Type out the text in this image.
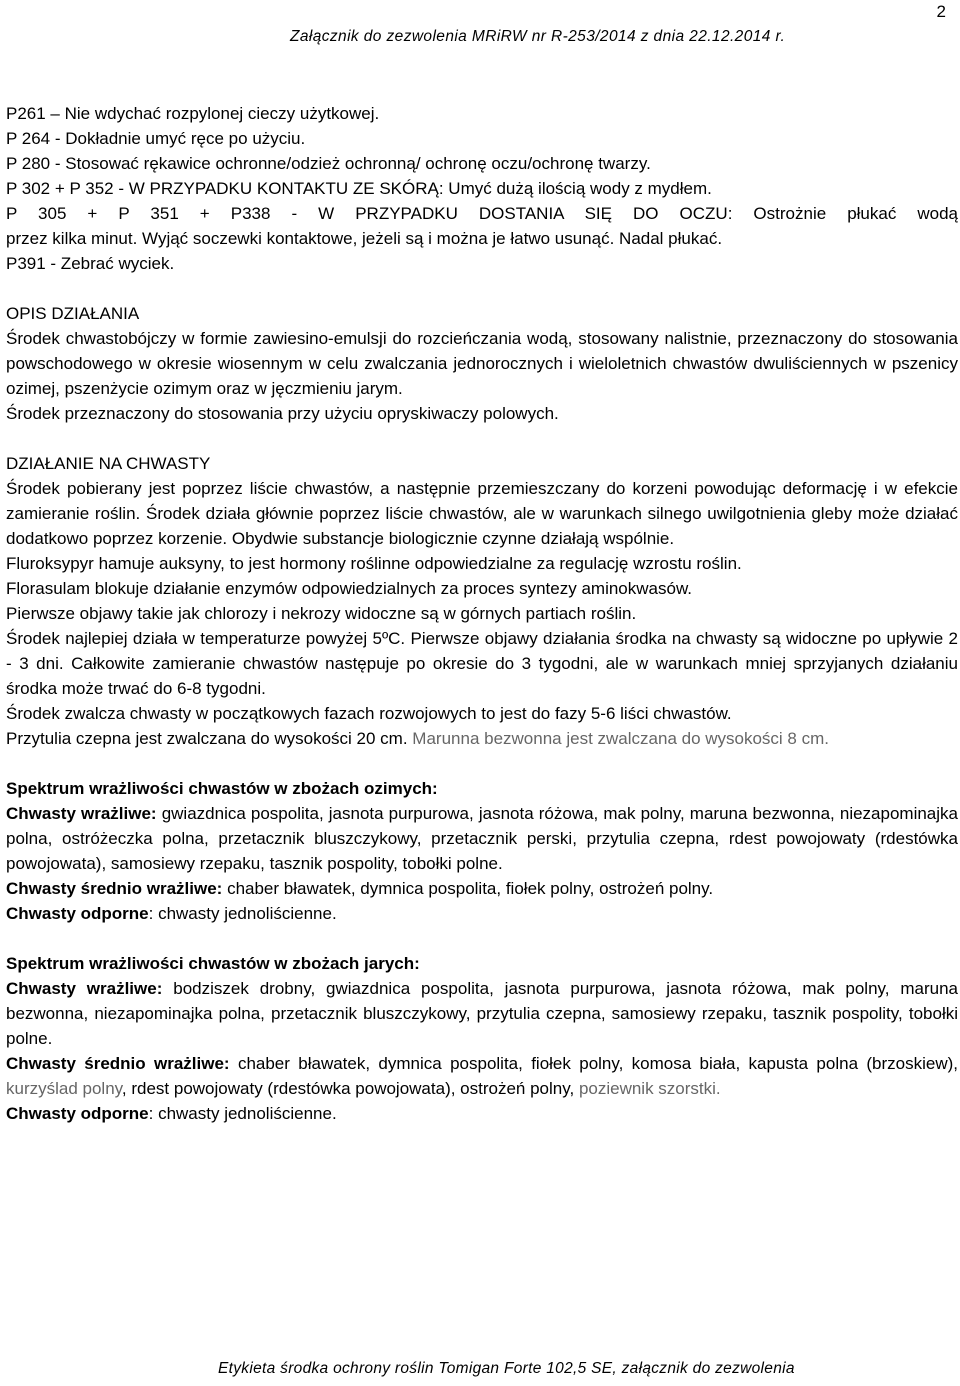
2
Załącznik do zezwolenia MRiRW nr R-253/2014 z dnia 22.12.2014 r.

P261 – Nie wdychać rozpylonej cieczy użytkowej.

P 264 - Dokładnie umyć ręce po użyciu.

P 280 - Stosować rękawice ochronne/odzież ochronną/ ochronę oczu/ochronę twarzy.

P 302 + P 352 - W PRZYPADKU KONTAKTU ZE SKÓRĄ: Umyć dużą ilością wody z mydłem.

P 305 + P 351 + P338 - W PRZYPADKU DOSTANIA SIĘ DO OCZU: Ostrożnie płukać wodą

przez kilka minut. Wyjąć soczewki kontaktowe, jeżeli są i można je łatwo usunąć. Nadal płukać.

P391 - Zebrać wyciek.

OPIS DZIAŁANIA

Środek chwastobójczy w formie zawiesino-emulsji do rozcieńczania wodą, stosowany nalistnie, przeznaczony do stosowania powschodowego w okresie wiosennym w celu zwalczania jednorocznych i wieloletnich chwastów dwuliściennych w pszenicy ozimej, pszenżycie ozimym oraz w jęczmieniu jarym.

Środek przeznaczony do stosowania przy użyciu opryskiwaczy polowych.

DZIAŁANIE NA CHWASTY

Środek pobierany jest poprzez liście chwastów, a następnie przemieszczany do korzeni powodując deformację i w efekcie zamieranie roślin. Środek działa głównie poprzez liście chwastów, ale w warunkach silnego uwilgotnienia gleby może działać dodatkowo poprzez korzenie. Obydwie substancje biologicznie czynne działają wspólnie.

Fluroksypyr hamuje auksyny, to jest hormony roślinne odpowiedzialne za regulację wzrostu roślin.

Florasulam blokuje działanie enzymów odpowiedzialnych za proces syntezy aminokwasów.

Pierwsze objawy takie jak chlorozy i nekrozy widoczne są w górnych partiach roślin.

Środek najlepiej działa w temperaturze powyżej 5ºC. Pierwsze objawy działania środka na chwasty są widoczne po upływie 2 - 3 dni. Całkowite zamieranie chwastów następuje po okresie do 3 tygodni, ale w warunkach mniej sprzyjanych działaniu środka może trwać do 6-8 tygodni.

Środek zwalcza chwasty w początkowych fazach rozwojowych to jest do fazy 5-6 liści chwastów.

Przytulia czepna jest zwalczana do wysokości 20 cm. Marunna bezwonna jest zwalczana do wysokości 8 cm.

Spektrum wrażliwości chwastów w zbożach ozimych:

Chwasty wrażliwe: gwiazdnica pospolita, jasnota purpurowa, jasnota różowa, mak polny, maruna bezwonna, niezapominajka polna, ostróżeczka polna, przetacznik bluszczykowy, przetacznik perski, przytulia czepna, rdest powojowaty (rdestówka powojowata), samosiewy rzepaku, tasznik pospolity, tobołki polne.

Chwasty średnio wrażliwe: chaber bławatek, dymnica pospolita, fiołek polny, ostrożeń polny.

Chwasty odporne: chwasty jednoliścienne.

Spektrum wrażliwości chwastów w zbożach jarych:

Chwasty wrażliwe: bodziszek drobny, gwiazdnica pospolita, jasnota purpurowa, jasnota różowa, mak polny, maruna bezwonna, niezapominajka polna, przetacznik bluszczykowy, przytulia czepna, samosiewy rzepaku, tasznik pospolity, tobołki polne.

Chwasty średnio wrażliwe: chaber bławatek, dymnica pospolita, fiołek polny, komosa biała, kapusta polna (brzoskiew), kurzyślad polny, rdest powojowaty (rdestówka powojowata), ostrożeń polny, poziewnik szorstki.

Chwasty odporne: chwasty jednoliścienne.

Etykieta środka ochrony roślin Tomigan Forte 102,5 SE, załącznik do zezwolenia
